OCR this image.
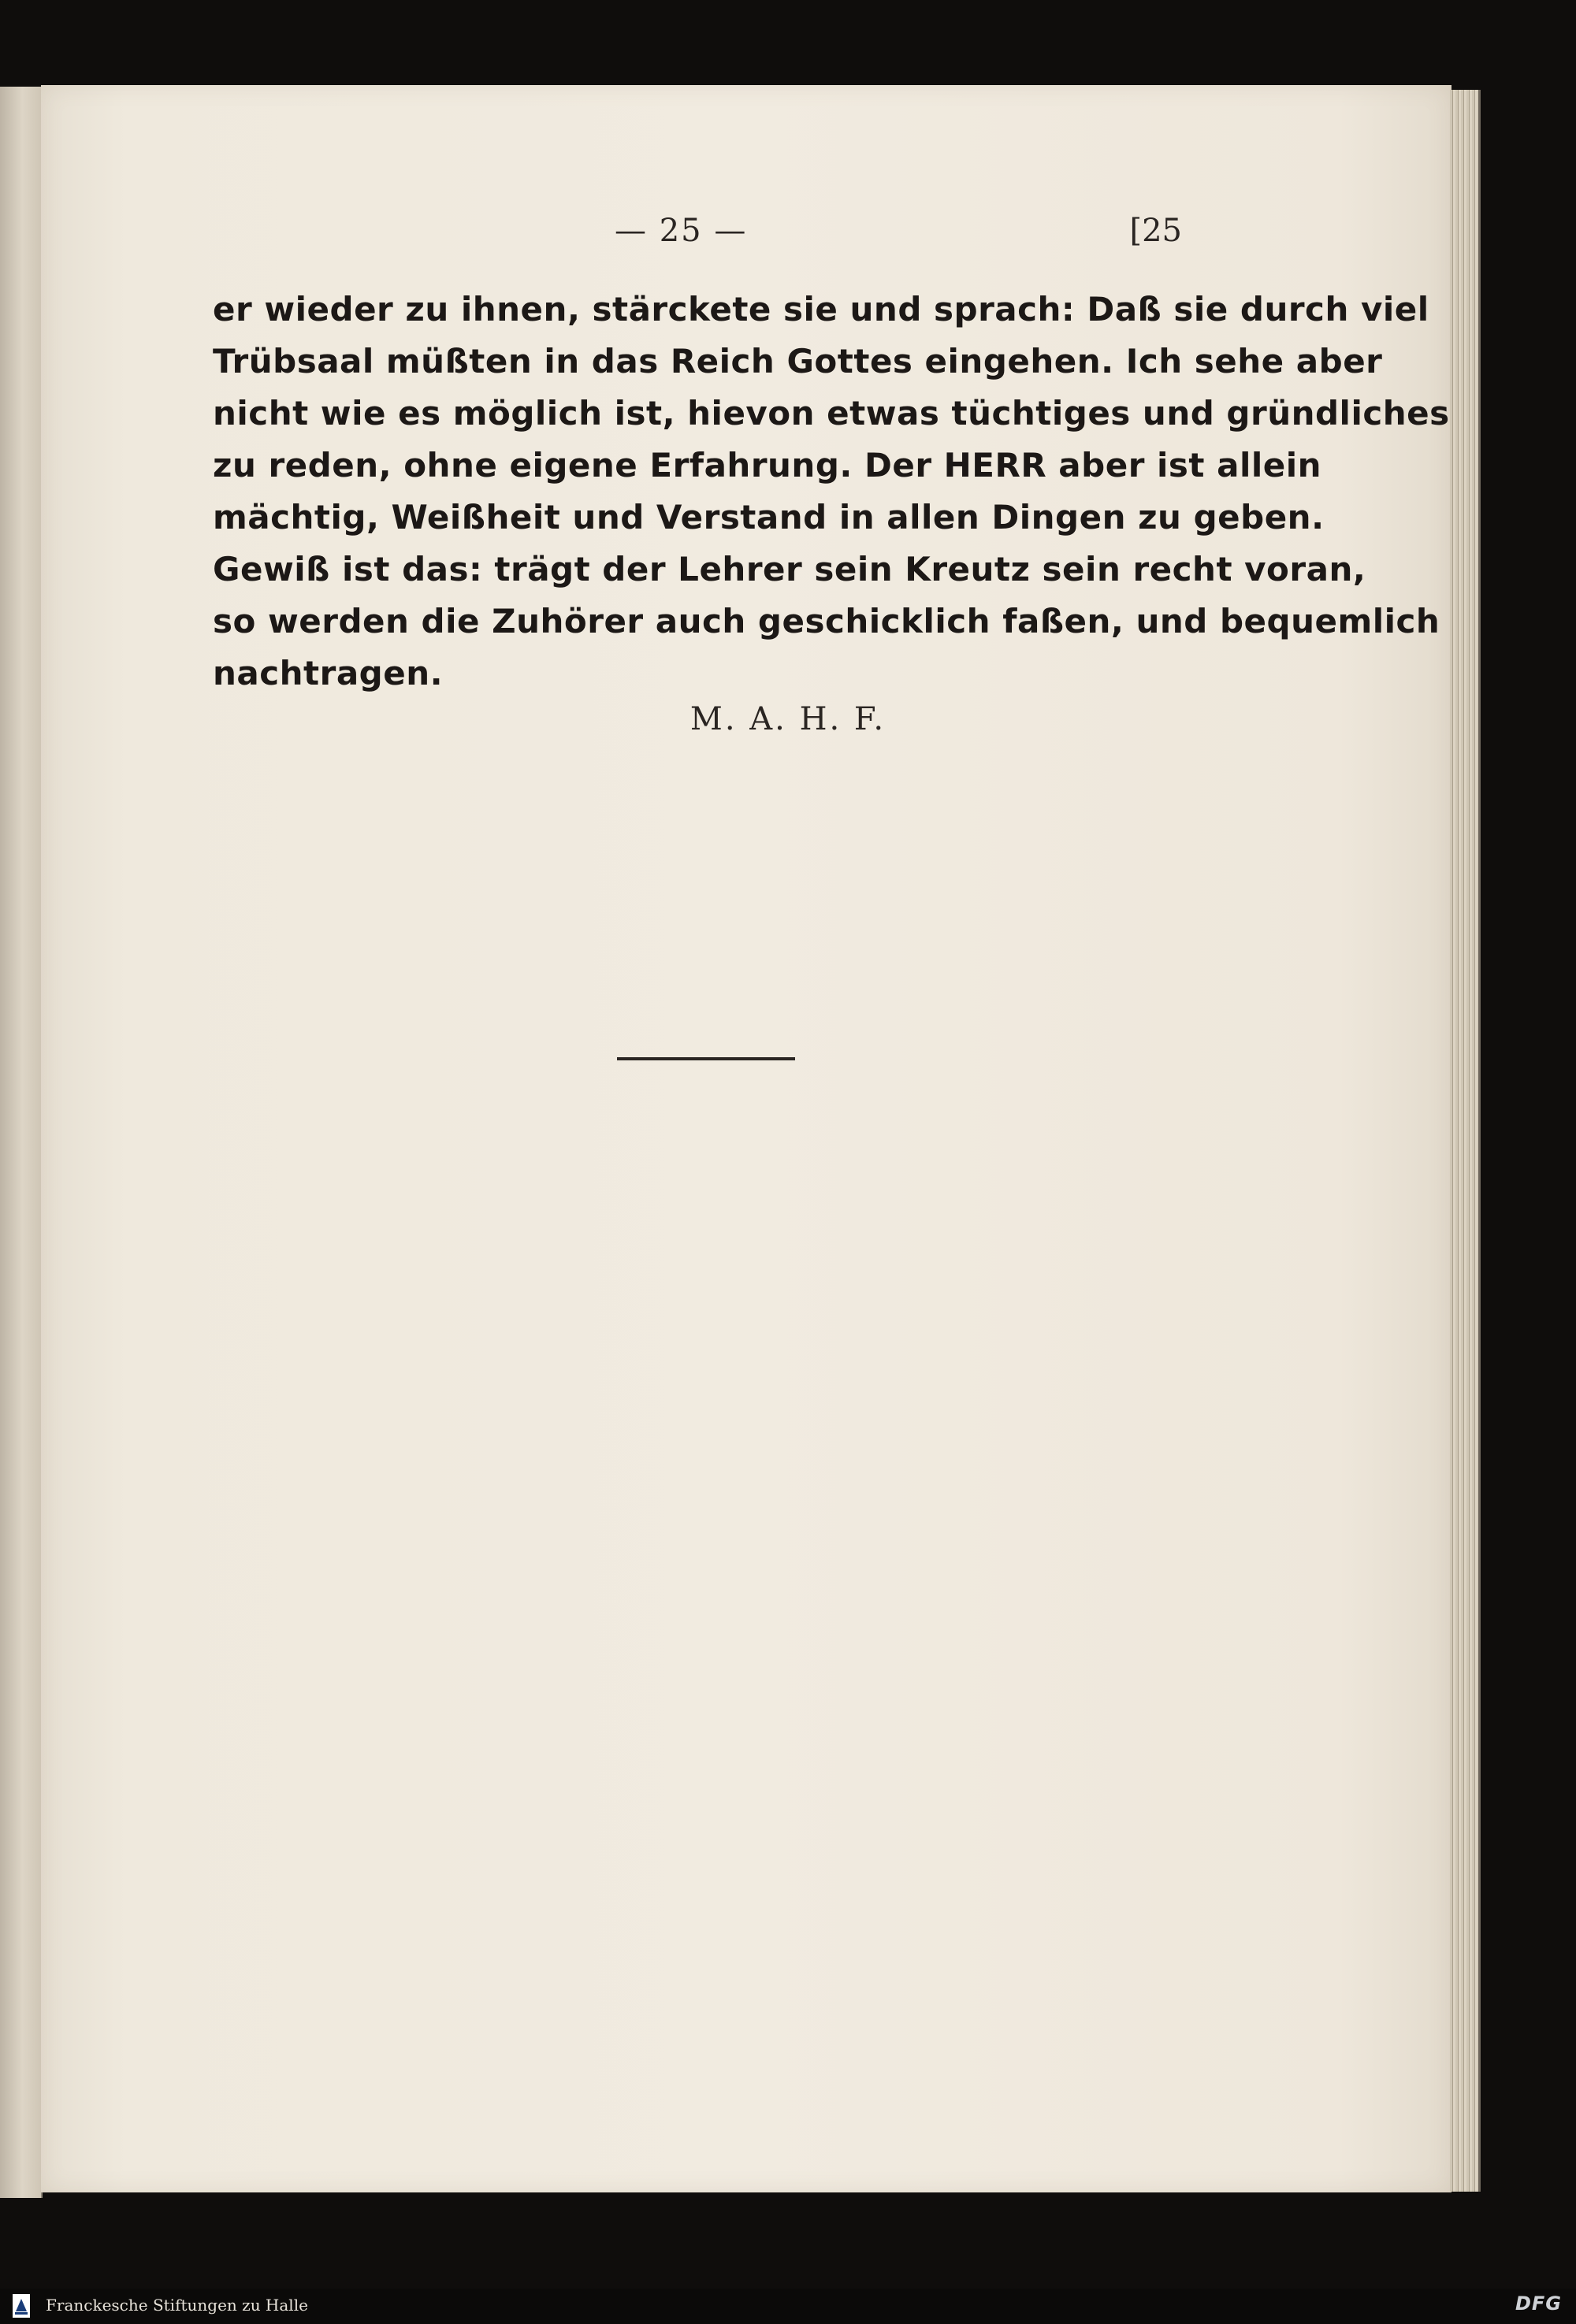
— 25 —	[25
er wieder zu ihnen, stärckete sie und sprach: Daß sie durch viel
Trübsaal müßten in das Reich Gottes eingehen. Ich sehe aber
nicht wie es möglich ist, hievon etwas tüchtiges und gründliches
zu reden, ohne eigene Erfahrung. Der HERR aber ist allein
mächtig, Weißheit und Verstand in allen Dingen zu geben.
Gewiß ist das: trägt der Lehrer sein Kreutz sein recht voran,
so werden die Zuhörer auch geschicklich faßen, und bequemlich
nachtragen.
M. A. H. F.
Franckesche Stiftungen zu Halle	DFG
